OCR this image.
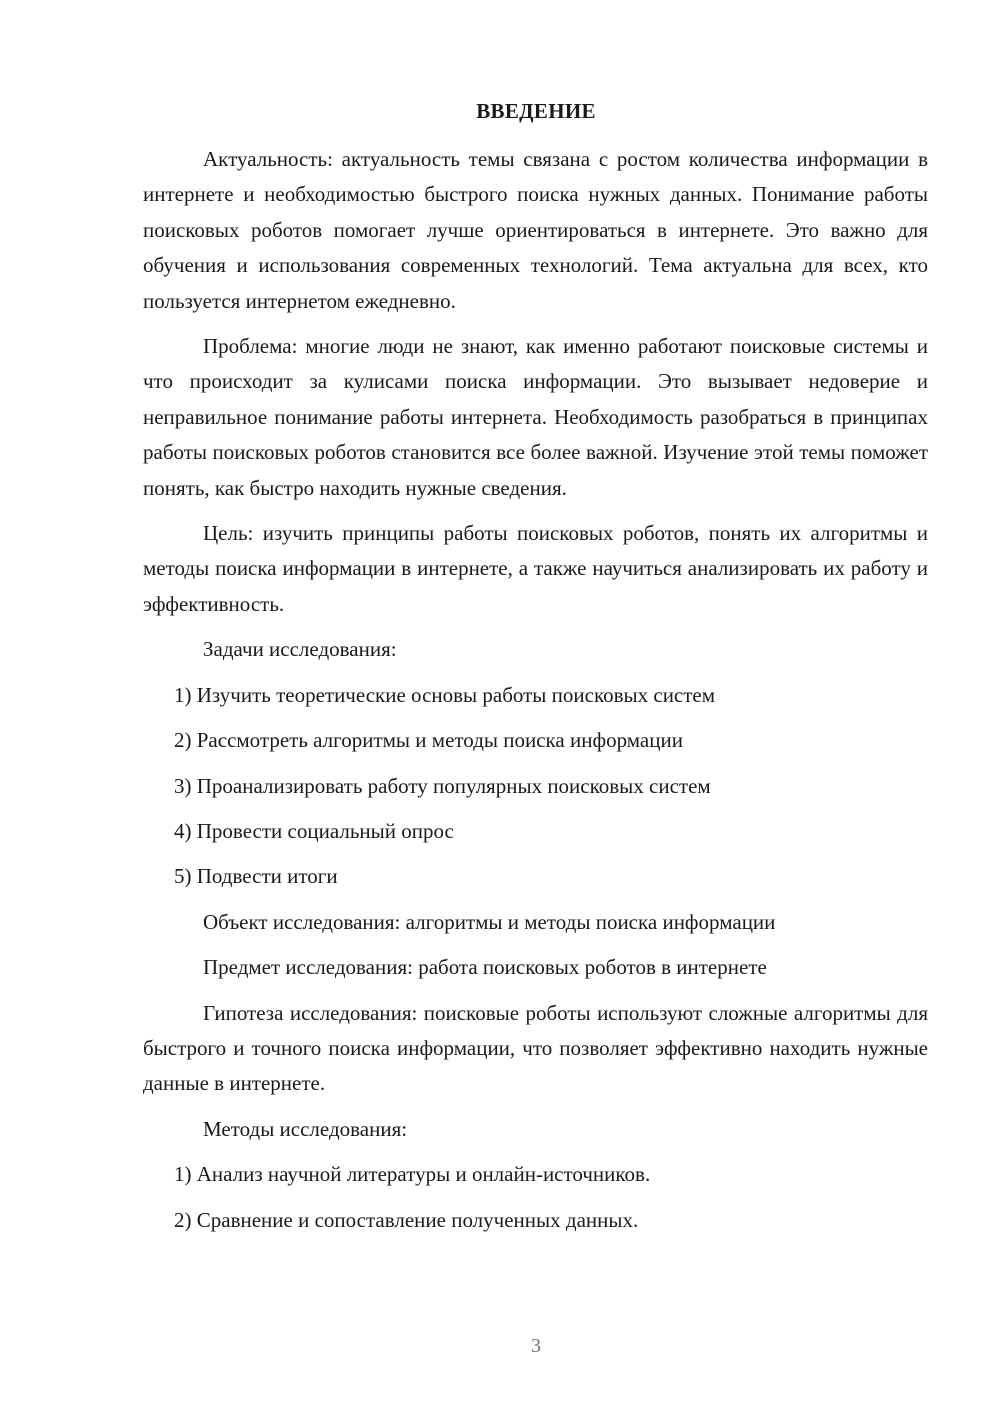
ВВЕДЕНИЕ

Актуальность: актуальность темы связана с ростом количества информации в интернете и необходимостью быстрого поиска нужных данных. Понимание работы поисковых роботов помогает лучше ориентироваться в интернете. Это важно для обучения и использования современных технологий. Тема актуальна для всех, кто пользуется интернетом ежедневно.

Проблема: многие люди не знают, как именно работают поисковые системы и что происходит за кулисами поиска информации. Это вызывает недоверие и неправильное понимание работы интернета. Необходимость разобраться в принципах работы поисковых роботов становится все более важной. Изучение этой темы поможет понять, как быстро находить нужные сведения.

Цель: изучить принципы работы поисковых роботов, понять их алгоритмы и методы поиска информации в интернете, а также научиться анализировать их работу и эффективность.

Задачи исследования:

1) Изучить теоретические основы работы поисковых систем

2) Рассмотреть алгоритмы и методы поиска информации

3) Проанализировать работу популярных поисковых систем

4) Провести социальный опрос

5) Подвести итоги

Объект исследования: алгоритмы и методы поиска информации

Предмет исследования: работа поисковых роботов в интернете

Гипотеза исследования: поисковые роботы используют сложные алгоритмы для быстрого и точного поиска информации, что позволяет эффективно находить нужные данные в интернете.

Методы исследования:

1) Анализ научной литературы и онлайн-источников.

2) Сравнение и сопоставление полученных данных.

3
